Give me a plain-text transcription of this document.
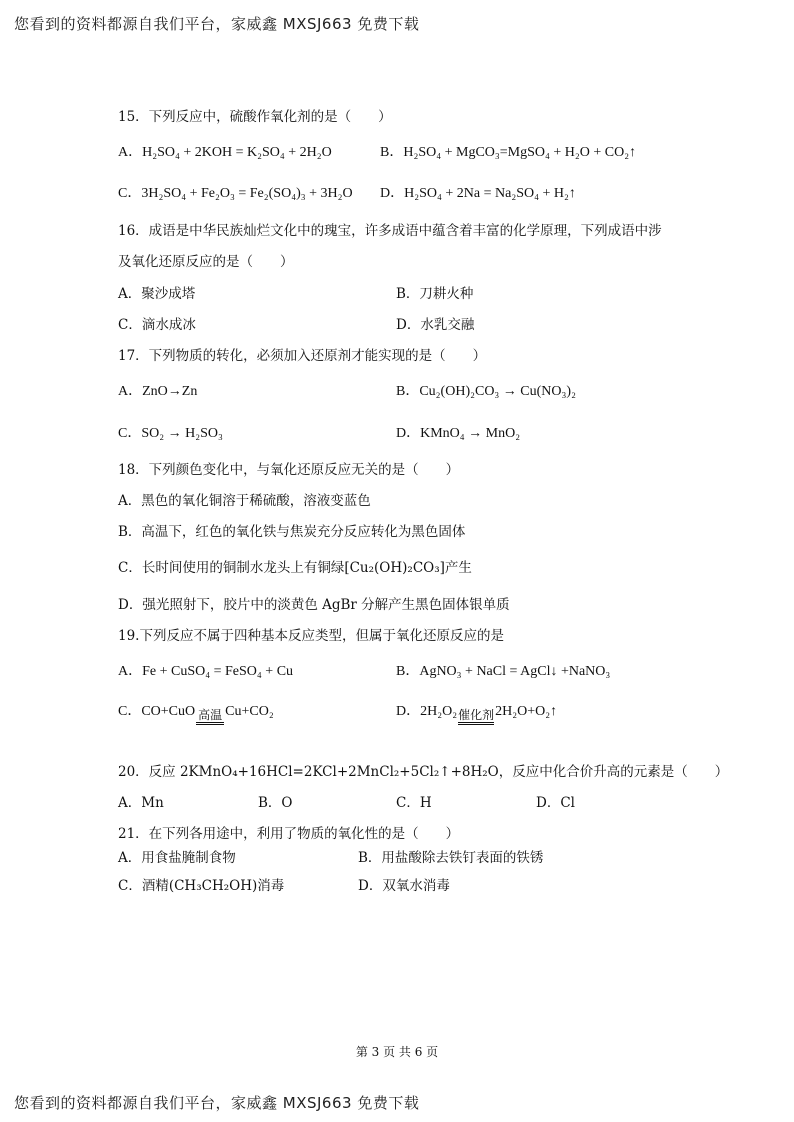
您看到的资料都源自我们平台，家威鑫 MXSJ663 免费下载
15．下列反应中，硫酸作氧化剂的是（　　）
A．H₂SO₄ + 2KOH = K₂SO₄ + 2H₂O	B．H₂SO₄ + MgCO₃=MgSO₄ + H₂O + CO₂↑
C．3H₂SO₄ + Fe₂O₃ = Fe₂(SO₄)₃ + 3H₂O D．H₂SO₄ + 2Na = Na₂SO₄ + H₂↑
16．成语是中华民族灿烂文化中的瑰宝，许多成语中蕴含着丰富的化学原理，下列成语中涉
及氧化还原反应的是（　　）
A．聚沙成塔	B．刀耕火种
C．滴水成冰	D．水乳交融
17．下列物质的转化，必须加入还原剂才能实现的是（　　）
A．ZnO→Zn	B．Cu₂(OH)₂CO₃ → Cu(NO₃)₂
C．SO₂ → H₂SO₃	D．KMnO₄ → MnO₂
18．下列颜色变化中，与氧化还原反应无关的是（　　）
A．黑色的氧化铜溶于稀硫酸，溶液变蓝色
B．高温下，红色的氧化铁与焦炭充分反应转化为黑色固体
C．长时间使用的铜制水龙头上有铜绿[Cu₂(OH)₂CO₃]产生
D．强光照射下，胶片中的淡黄色 AgBr 分解产生黑色固体银单质
19.下列反应不属于四种基本反应类型，但属于氧化还原反应的是
A．Fe + CuSO₄ = FeSO₄ + Cu	B．AgNO₃ + NaCl = AgCl↓ +NaNO₃
C．CO+CuO 高温 Cu+CO₂	D．2H₂O₂ 催化剂 2H₂O+O₂↑
20．反应 2KMnO₄+16HCl=2KCl+2MnCl₂+5Cl₂↑+8H₂O，反应中化合价升高的元素是（　　）
A．Mn	B．O	C．H	D．Cl
21．在下列各用途中，利用了物质的氧化性的是（　　）
A．用食盐腌制食物	B．用盐酸除去铁钉表面的铁锈
C．酒精(CH₃CH₂OH)消毒	D．双氧水消毒
第 3 页 共 6 页
您看到的资料都源自我们平台，家威鑫 MXSJ663 免费下载
